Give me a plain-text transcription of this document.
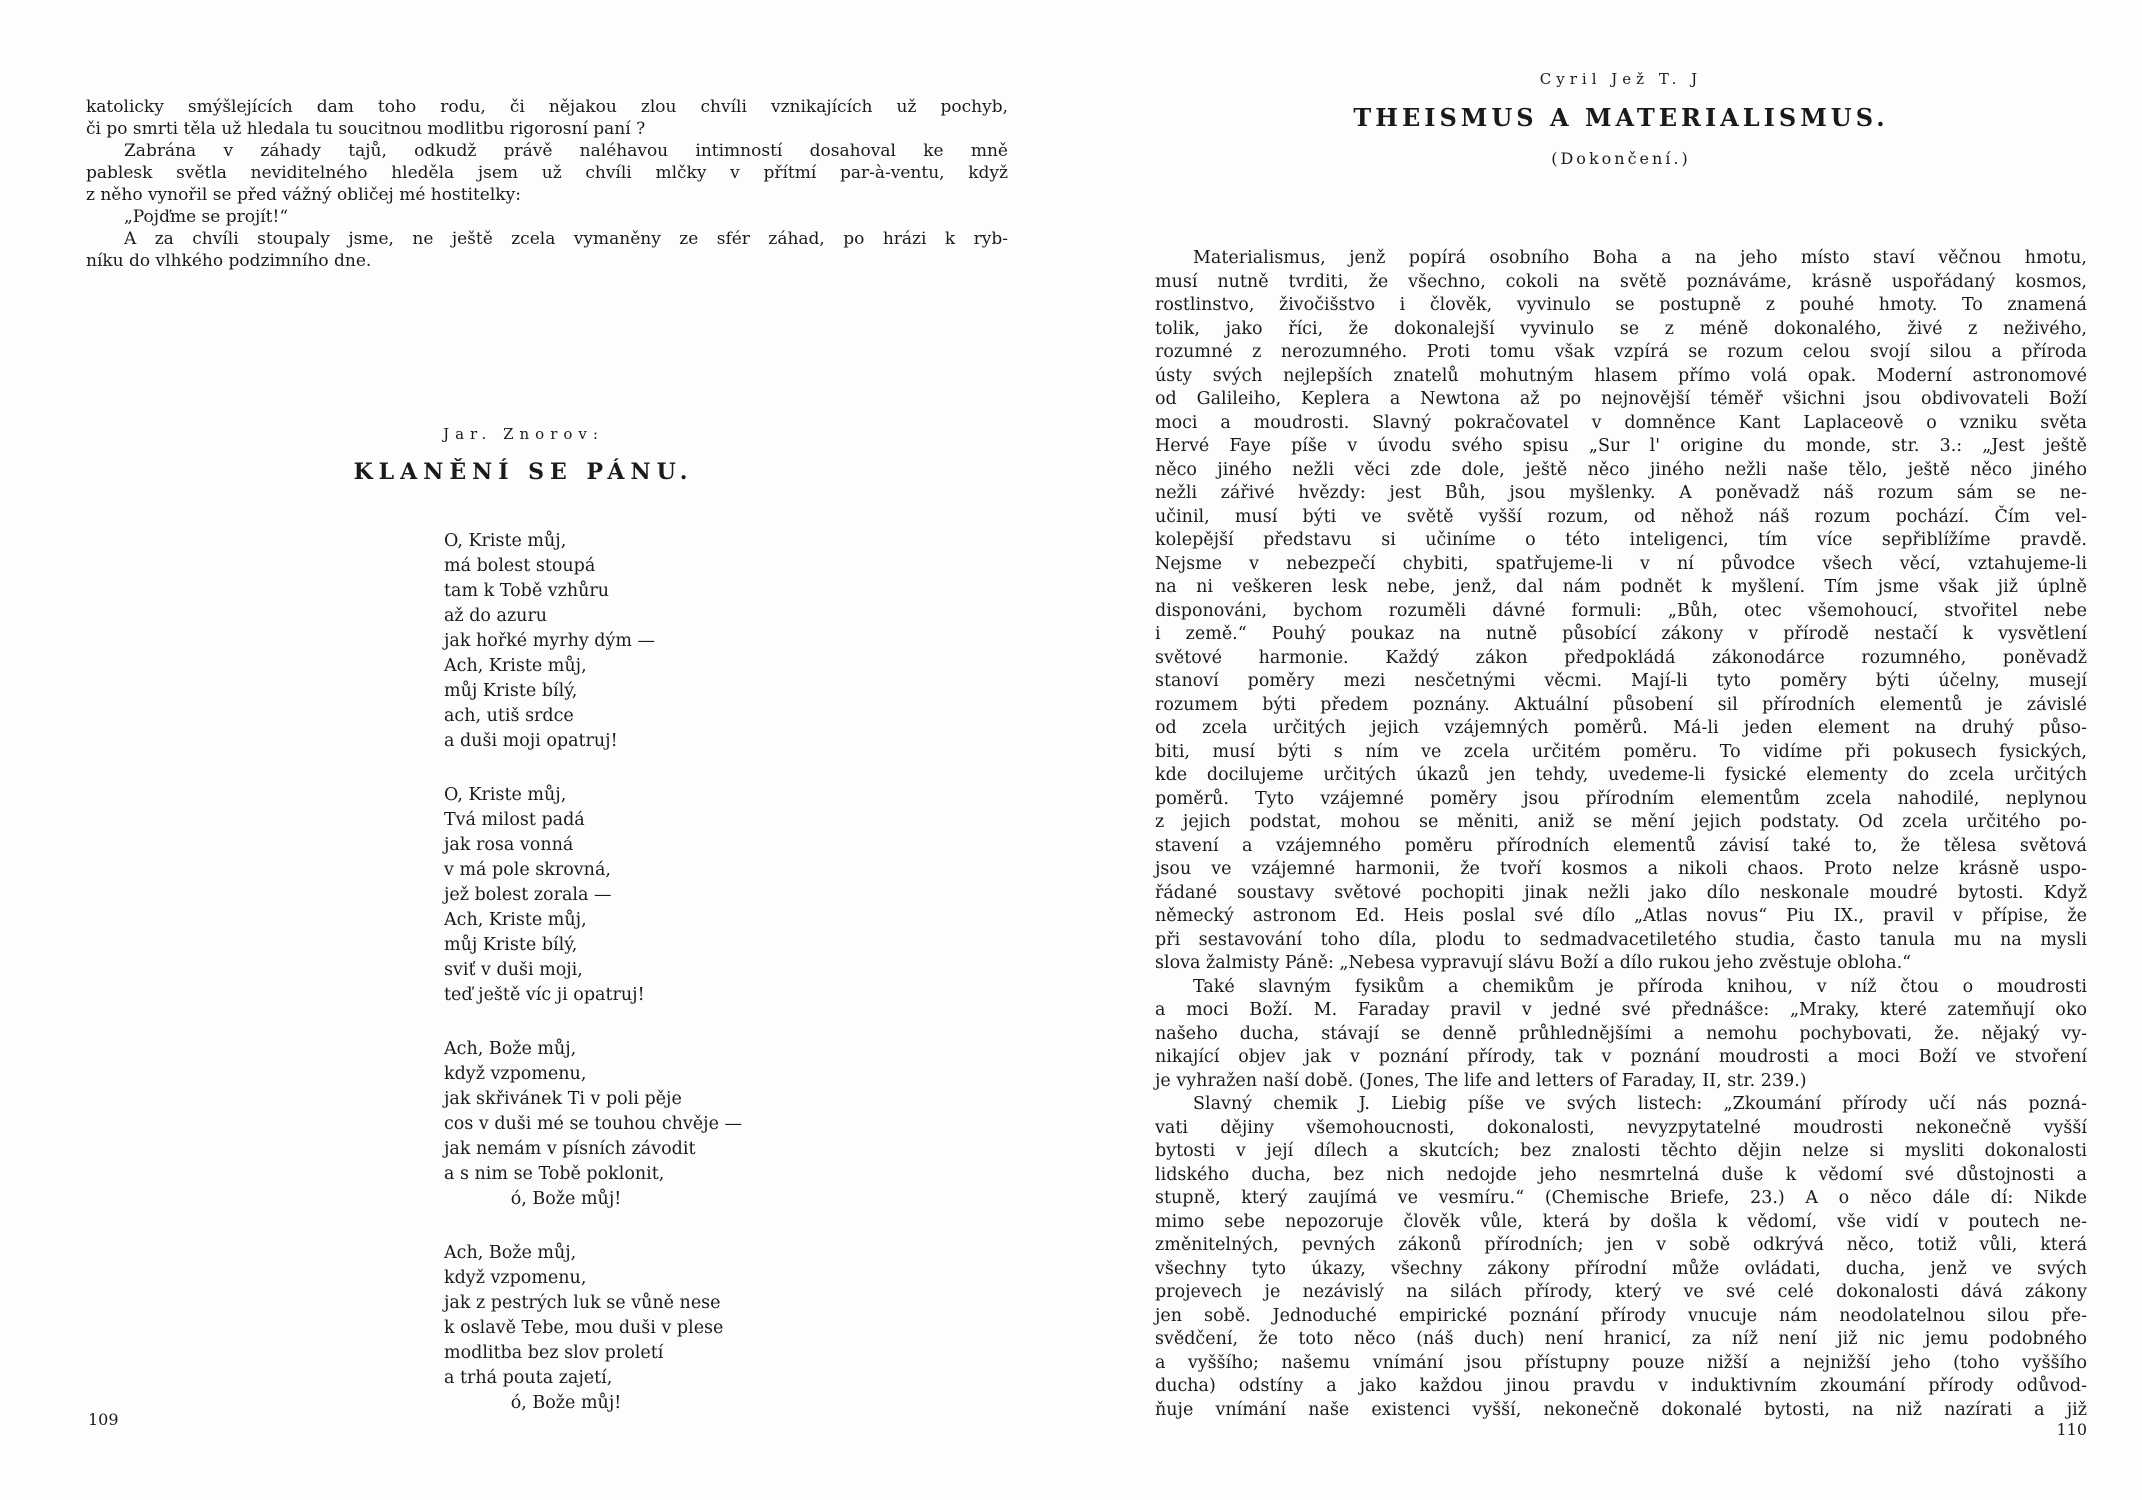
katolicky smýšlejících dam toho rodu, či nějakou zlou chvíli vznikajících už pochyb,
či po smrti těla už hledala tu soucitnou modlitbu rigorosní paní ?
Zabrána v záhady tajů, odkudž právě naléhavou intimností dosahoval ke mně
pablesk světla neviditelného hleděla jsem už chvíli mlčky v přítmí par-à-ventu, když
z něho vynořil se před vážný obličej mé hostitelky:
„Pojďme se projít!“
A za chvíli stoupaly jsme, ne ještě zcela vymaněny ze sfér záhad, po hrázi k ryb-
níku do vlhkého podzimního dne.
Jar. Znorov:
KLANĚNÍ SE PÁNU.
O, Kriste můj,
má bolest stoupá
tam k Tobě vzhůru
až do azuru
jak hořké myrhy dým —
Ach, Kriste můj,
můj Kriste bílý,
ach, utiš srdce
a duši moji opatruj!
O, Kriste můj,
Tvá milost padá
jak rosa vonná
v má pole skrovná,
jež bolest zorala —
Ach, Kriste můj,
můj Kriste bílý,
sviť v duši moji,
teď ještě víc ji opatruj!
Ach, Bože můj,
když vzpomenu,
jak skřivánek Ti v poli pěje
cos v duši mé se touhou chvěje —
jak nemám v písních závodit
a s nim se Tobě poklonit,
ó, Bože můj!
Ach, Bože můj,
když vzpomenu,
jak z pestrých luk se vůně nese
k oslavě Tebe, mou duši v plese
modlitba bez slov proletí
a trhá pouta zajetí,
ó, Bože můj!
109
Cyril Jež T. J
THEISMUS A MATERIALISMUS.
(Dokončení.)
Materialismus, jenž popírá osobního Boha a na jeho místo staví věčnou hmotu,
musí nutně tvrditi, že všechno, cokoli na světě poznáváme, krásně uspořádaný kosmos,
rostlinstvo, živočišstvo i člověk, vyvinulo se postupně z pouhé hmoty. To znamená
tolik, jako říci, že dokonalejší vyvinulo se z méně dokonalého, živé z neživého,
rozumné z nerozumného. Proti tomu však vzpírá se rozum celou svojí silou a příroda
ústy svých nejlepších znatelů mohutným hlasem přímo volá opak. Moderní astronomové
od Galileiho, Keplera a Newtona až po nejnovější téměř všichni jsou obdivovateli Boží
moci a moudrosti. Slavný pokračovatel v domněnce Kant Laplaceově o vzniku světa
Hervé Faye píše v úvodu svého spisu „Sur l' origine du monde, str. 3.: „Jest ještě
něco jiného nežli věci zde dole, ještě něco jiného nežli naše tělo, ještě něco jiného
nežli zářivé hvězdy: jest Bůh, jsou myšlenky. A poněvadž náš rozum sám se ne-
učinil, musí býti ve světě vyšší rozum, od něhož náš rozum pochází. Čím vel-
kolepější představu si učiníme o této inteligenci, tím více sepřiblížíme pravdě.
Nejsme v nebezpečí chybiti, spatřujeme-li v ní původce všech věcí, vztahujeme-li
na ni veškeren lesk nebe, jenž, dal nám podnět k myšlení. Tím jsme však již úplně
disponováni, bychom rozuměli dávné formuli: „Bůh, otec všemohoucí, stvořitel nebe
i země.“ Pouhý poukaz na nutně působící zákony v přírodě nestačí k vysvětlení
světové harmonie. Každý zákon předpokládá zákonodárce rozumného, poněvadž
stanoví poměry mezi nesčetnými věcmi. Mají-li tyto poměry býti účelny, musejí
rozumem býti předem poznány. Aktuální působení sil přírodních elementů je závislé
od zcela určitých jejich vzájemných poměrů. Má-li jeden element na druhý půso-
biti, musí býti s ním ve zcela určitém poměru. To vidíme při pokusech fysických,
kde docilujeme určitých úkazů jen tehdy, uvedeme-li fysické elementy do zcela určitých
poměrů. Tyto vzájemné poměry jsou přírodním elementům zcela nahodilé, neplynou
z jejich podstat, mohou se měniti, aniž se mění jejich podstaty. Od zcela určitého po-
stavení a vzájemného poměru přírodních elementů závisí také to, že tělesa světová
jsou ve vzájemné harmonii, že tvoří kosmos a nikoli chaos. Proto nelze krásně uspo-
řádané soustavy světové pochopiti jinak nežli jako dílo neskonale moudré bytosti. Když
německý astronom Ed. Heis poslal své dílo „Atlas novus“ Piu IX., pravil v přípise, že
při sestavování toho díla, plodu to sedmadvacetiletého studia, často tanula mu na mysli
slova žalmisty Páně: „Nebesa vypravují slávu Boží a dílo rukou jeho zvěstuje obloha.“
Také slavným fysikům a chemikům je příroda knihou, v níž čtou o moudrosti
a moci Boží. M. Faraday pravil v jedné své přednášce: „Mraky, které zatemňují oko
našeho ducha, stávají se denně průhlednějšími a nemohu pochybovati, že. nějaký vy-
nikající objev jak v poznání přírody, tak v poznání moudrosti a moci Boží ve stvoření
je vyhražen naší době. (Jones, The life and letters of Faraday, II, str. 239.)
Slavný chemik J. Liebig píše ve svých listech: „Zkoumání přírody učí nás pozná-
vati dějiny všemohoucnosti, dokonalosti, nevyzpytatelné moudrosti nekonečně vyšší
bytosti v její dílech a skutcích; bez znalosti těchto dějin nelze si mysliti dokonalosti
lidského ducha, bez nich nedojde jeho nesmrtelná duše k vědomí své důstojnosti a
stupně, který zaujímá ve vesmíru.“ (Chemische Briefe, 23.) A o něco dále dí: Nikde
mimo sebe nepozoruje člověk vůle, která by došla k vědomí, vše vidí v poutech ne-
změnitelných, pevných zákonů přírodních; jen v sobě odkrývá něco, totiž vůli, která
všechny tyto úkazy, všechny zákony přírodní může ovládati, ducha, jenž ve svých
projevech je nezávislý na silách přírody, který ve své celé dokonalosti dává zákony
jen sobě. Jednoduché empirické poznání přírody vnucuje nám neodolatelnou silou pře-
svědčení, že toto něco (náš duch) není hranicí, za níž není již nic jemu podobného
a vyššího; našemu vnímání jsou přístupny pouze nižší a nejnižší jeho (toho vyššího
ducha) odstíny a jako každou jinou pravdu v induktivním zkoumání přírody odůvod-
ňuje vnímání naše existenci vyšší, nekonečně dokonalé bytosti, na niž nazírati a již
110
